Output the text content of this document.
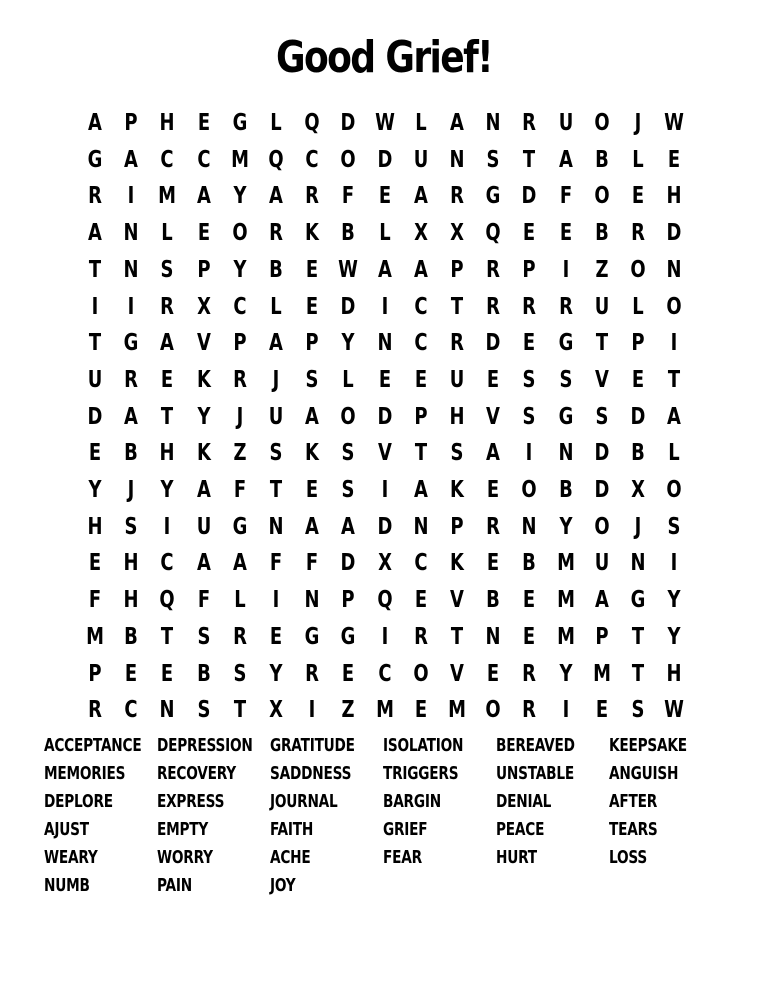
Good Grief!
A P H E G	L Q D W L	A N R U O	J W
G A C	C M Q C O D U N S	T	A B	L	E
R	I	M A Y A R	F	E	A R G D F O E H
A N L	E O R K B	L	X X Q E	E	B R D
T N S	P	Y B	E W A A P R P	I	Z O N
I	I	R X C	L	E D	I	C	T	R R R U	L O
T G A V P A P	Y N C R D E G T	P	I
U R	E	K R	J	S	L	E	E U E	S	S V	E	T
D A	T	Y	J	U A O D P H V S G S D A
E	B H K Z	S K S V	T	S A	I	N D B	L
Y	J	Y A	F	T	E	S	I	A K	E O B D X O
H S	I	U G N A A D N P R N Y O	J	S
E H C A A	F	F D X C K	E	B M U N	I
F H Q F	L	I	N P Q E	V B	E M A G Y
M B	T	S R	E G G	I	R	T N E M P	T	Y
P	E	E	B S	Y R	E	C O V	E	R Y M T H
R C N S	T	X	I	Z M E M O R	I	E	S W
ACCEPTANCE
MEMORIES
DEPLORE
AJUST
WEARY
NUMB
DEPRESSION
RECOVERY
EXPRESS
EMPTY
WORRY
PAIN
GRATITUDE
SADDNESS
JOURNAL
FAITH
ACHE
JOY
ISOLATION
TRIGGERS
BARGIN
GRIEF
FEAR
BEREAVED
UNSTABLE
DENIAL
PEACE
HURT
KEEPSAKE
ANGUISH
AFTER
TEARS
LOSS
